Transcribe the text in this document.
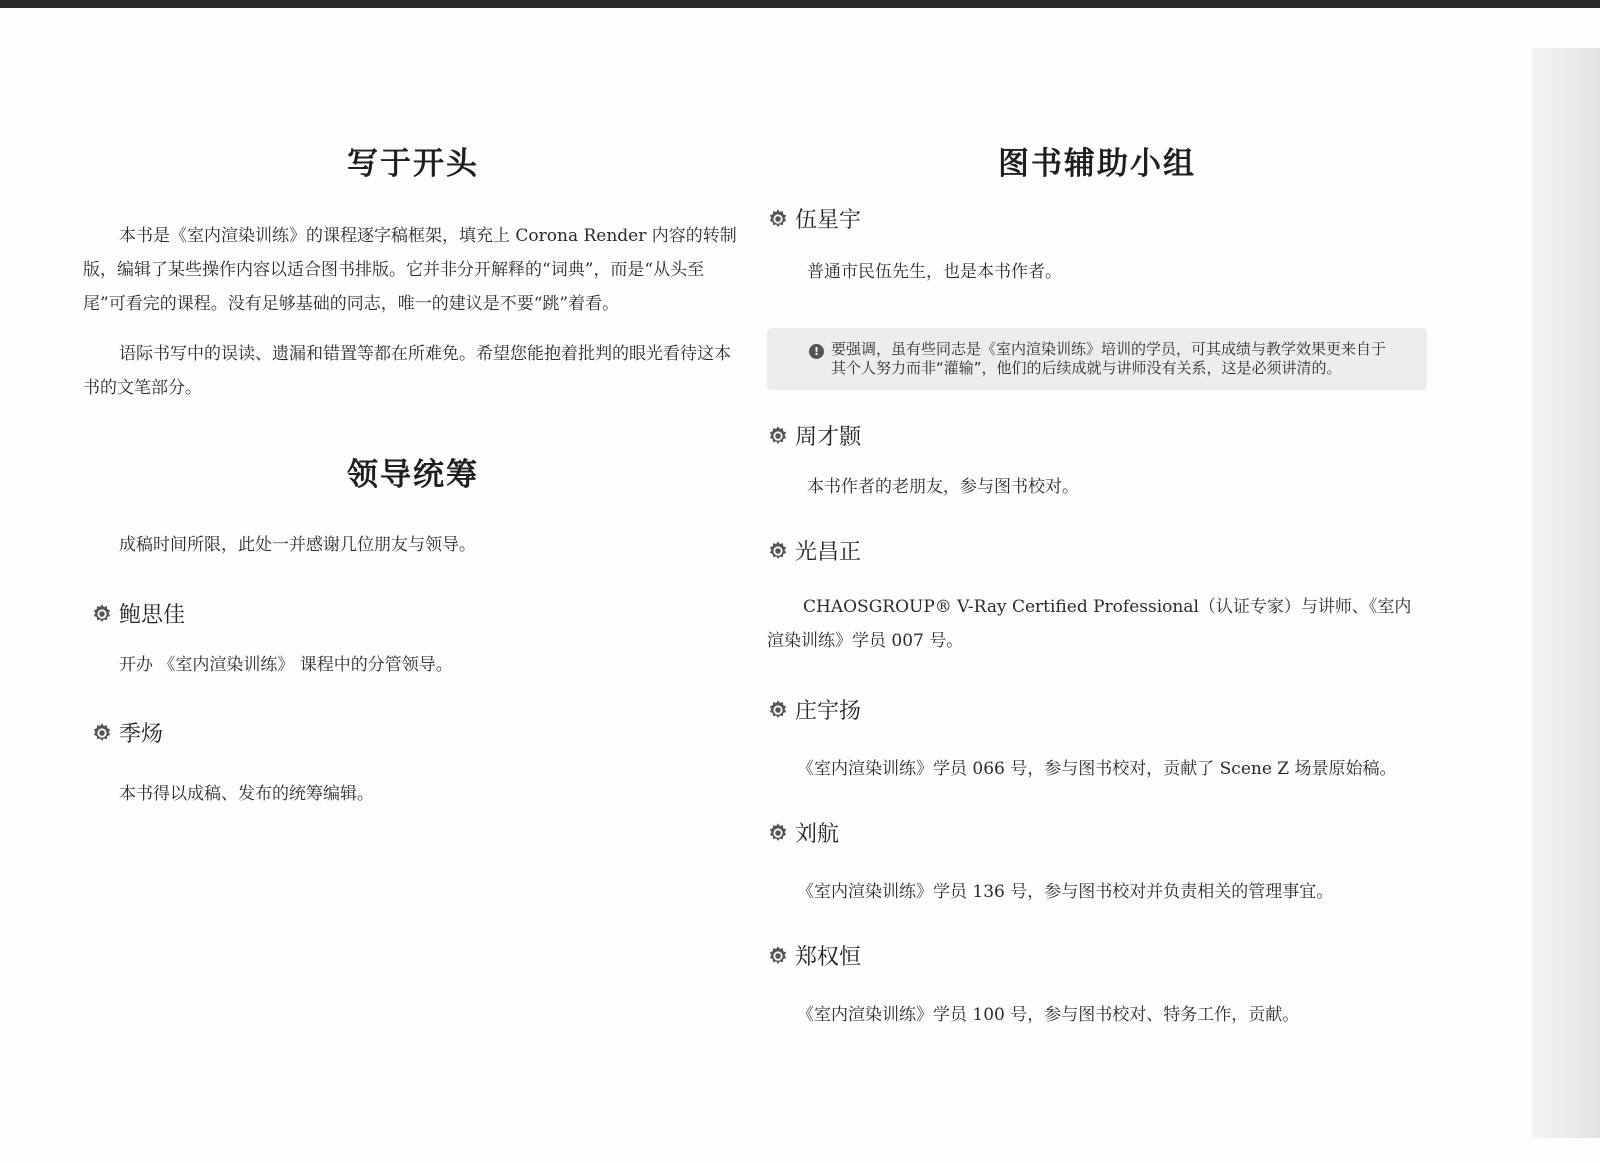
写于开头

本书是《室内渲染训练》的课程逐字稿框架，填充上 Corona Render 内容的转制版，编辑了某些操作内容以适合图书排版。它并非分开解释的“词典”，而是“从头至尾”可看完的课程。没有足够基础的同志，唯一的建议是不要“跳”着看。

语际书写中的误读、遗漏和错置等都在所难免。希望您能抱着批判的眼光看待这本书的文笔部分。

领导统筹

成稿时间所限，此处一并感谢几位朋友与领导。

鲍思佳

开办 《室内渲染训练》 课程中的分管领导。

季炀

本书得以成稿、发布的统筹编辑。

图书辅助小组
伍星宇

普通市民伍先生，也是本书作者。

! 要强调，虽有些同志是《室内渲染训练》培训的学员，可其成绩与教学效果更来自于其个人努力而非“灌输”，他们的后续成就与讲师没有关系，这是必须讲清的。
周才颢

本书作者的老朋友，参与图书校对。

光昌正

CHAOSGROUP® V-Ray Certified Professional（认证专家）与讲师、《室内渲染训练》学员 007 号。

庄宇扬

《室内渲染训练》学员 066 号，参与图书校对，贡献了 Scene Z 场景原始稿。

刘航

《室内渲染训练》学员 136 号，参与图书校对并负责相关的管理事宜。

郑权恒

《室内渲染训练》学员 100 号，参与图书校对、特务工作，贡献。
